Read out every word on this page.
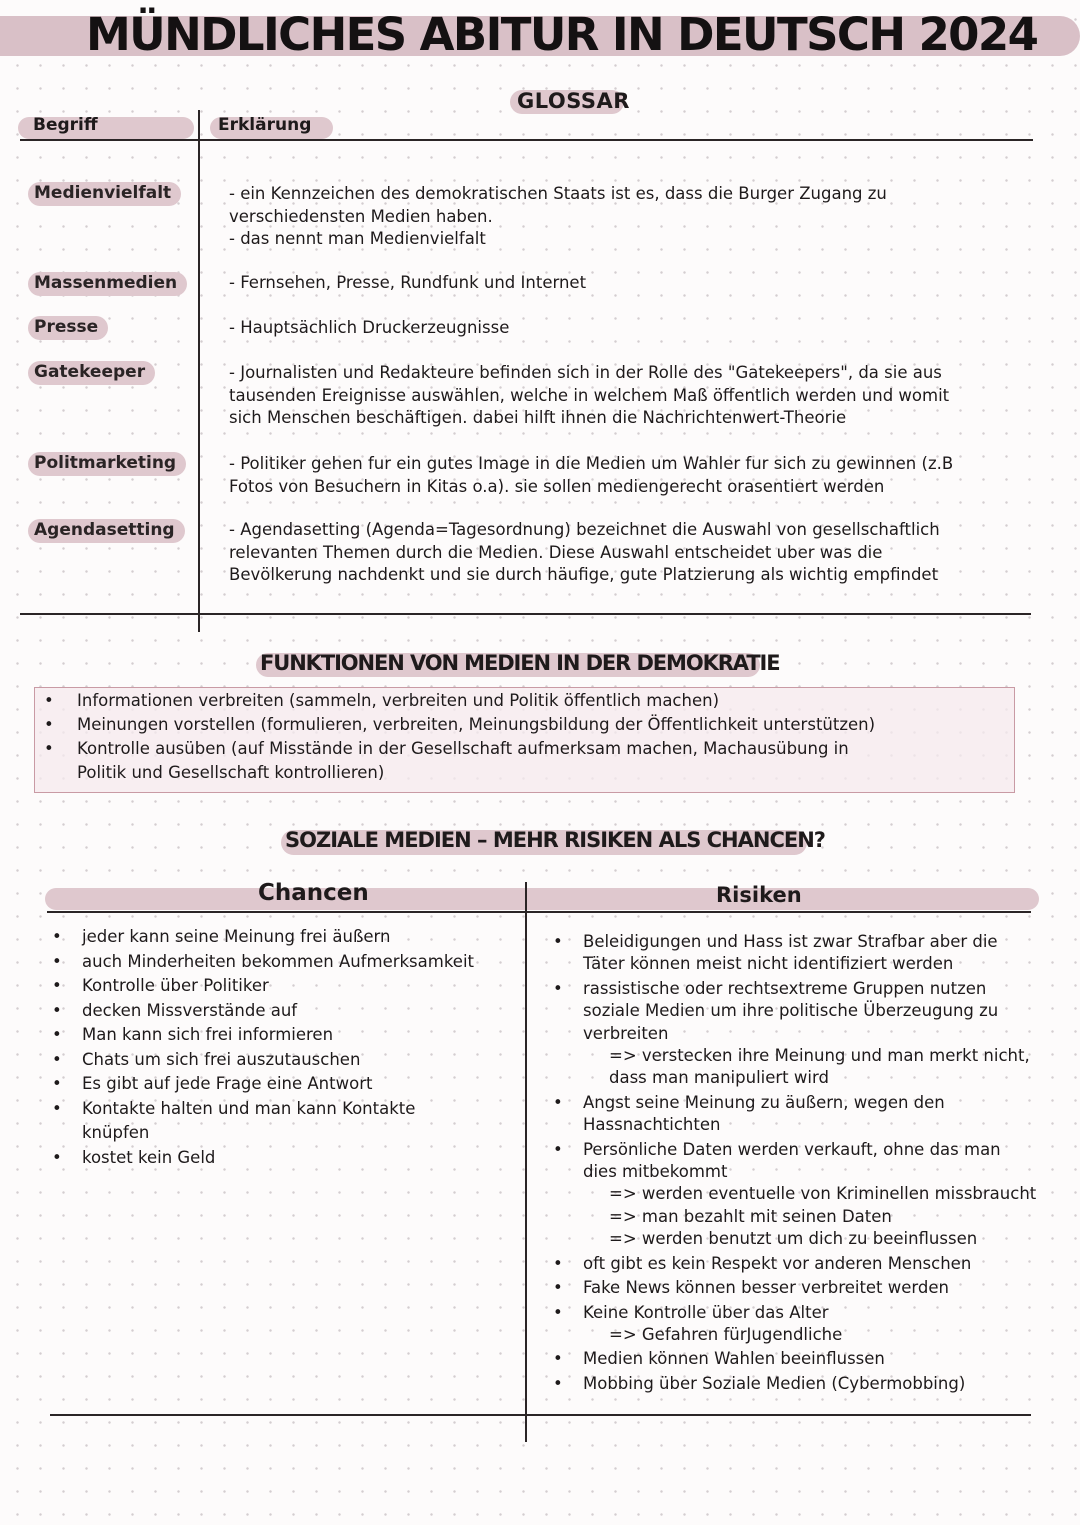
MÜNDLICHES ABITUR IN DEUTSCH 2024
GLOSSAR
Begriff	Erklärung
Medienvielfalt	- ein Kennzeichen des demokratischen Staats ist es, dass die Burger Zugang zu
verschiedensten Medien haben.
- das nennt man Medienvielfalt
Massenmedien	- Fernsehen, Presse, Rundfunk und Internet
Presse	- Hauptsächlich Druckerzeugnisse
Gatekeeper	- Journalisten und Redakteure befinden sich in der Rolle des "Gatekeepers", da sie aus
tausenden Ereignisse auswählen, welche in welchem Maß öffentlich werden und womit
sich Menschen beschäftigen. dabei hilft ihnen die Nachrichtenwert-Theorie
Politmarketing	- Politiker gehen fur ein gutes Image in die Medien um Wahler fur sich zu gewinnen (z.B
Fotos von Besuchern in Kitas o.a). sie sollen mediengerecht orasentiert werden
Agendasetting	- Agendasetting (Agenda=Tagesordnung) bezeichnet die Auswahl von gesellschaftlich
relevanten Themen durch die Medien. Diese Auswahl entscheidet uber was die
Bevölkerung nachdenkt und sie durch häufige, gute Platzierung als wichtig empfindet
FUNKTIONEN VON MEDIEN IN DER DEMOKRATIE
• Informationen verbreiten (sammeln, verbreiten und Politik öffentlich machen)
• Meinungen vorstellen (formulieren, verbreiten, Meinungsbildung der Öffentlichkeit unterstützen)
• Kontrolle ausüben (auf Misstände in der Gesellschaft aufmerksam machen, Machausübung in
Politik und Gesellschaft kontrollieren)
SOZIALE MEDIEN – MEHR RISIKEN ALS CHANCEN?
Chancen	Risiken
• jeder kann seine Meinung frei äußern
• auch Minderheiten bekommen Aufmerksamkeit
• Kontrolle über Politiker
• decken Missverstände auf
• Man kann sich frei informieren
• Chats um sich frei auszutauschen
• Es gibt auf jede Frage eine Antwort
• Kontakte halten und man kann Kontakte
knüpfen
• kostet kein Geld
• Beleidigungen und Hass ist zwar Strafbar aber die
Täter können meist nicht identifiziert werden
• rassistische oder rechtsextreme Gruppen nutzen
soziale Medien um ihre politische Überzeugung zu
verbreiten
=> verstecken ihre Meinung und man merkt nicht,
dass man manipuliert wird
• Angst seine Meinung zu äußern, wegen den
Hassnachtichten
• Persönliche Daten werden verkauft, ohne das man
dies mitbekommt
=> werden eventuelle von Kriminellen missbraucht
=> man bezahlt mit seinen Daten
=> werden benutzt um dich zu beeinflussen
• oft gibt es kein Respekt vor anderen Menschen
• Fake News können besser verbreitet werden
• Keine Kontrolle über das Alter
=> Gefahren fürJugendliche
• Medien können Wahlen beeinflussen
• Mobbing über Soziale Medien (Cybermobbing)
